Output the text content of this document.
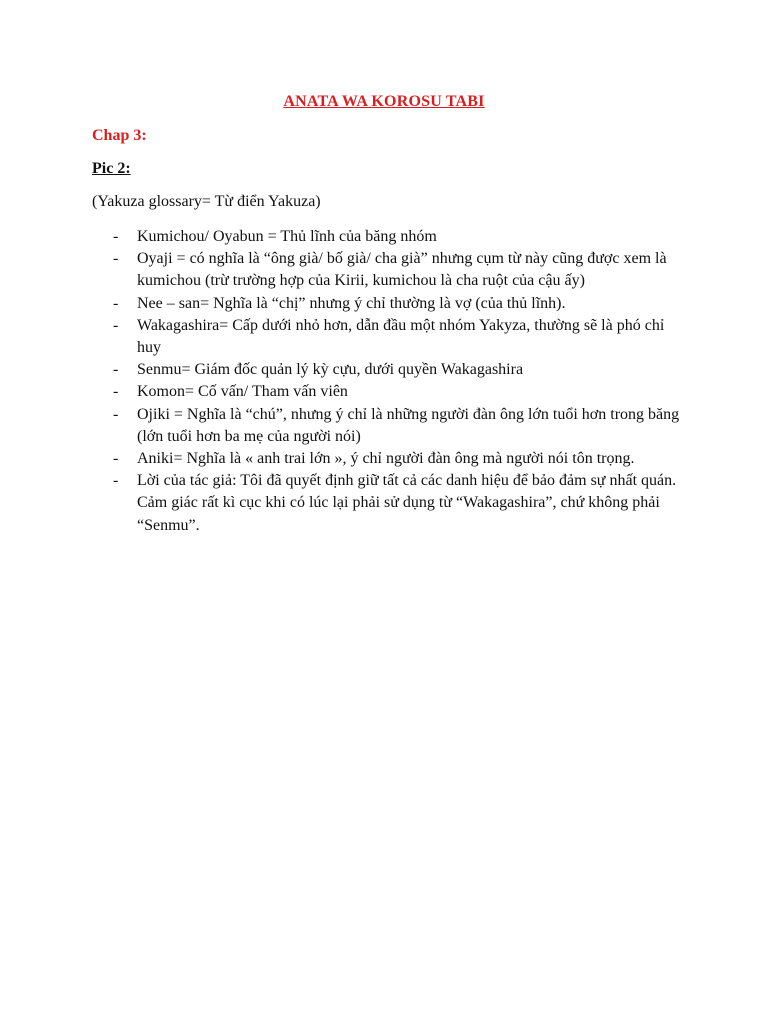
ANATA WA KOROSU TABI
Chap 3:
Pic 2:
(Yakuza glossary= Từ điển Yakuza)
- Kumichou/ Oyabun = Thủ lĩnh của băng nhóm
- Oyaji = có nghĩa là “ông già/ bố già/ cha già” nhưng cụm từ này cũng được xem là kumichou (trừ trường hợp của Kirii, kumichou là cha ruột của cậu ấy)
- Nee – san= Nghĩa là “chị” nhưng ý chỉ thường là vợ (của thủ lĩnh).
- Wakagashira= Cấp dưới nhỏ hơn, dẫn đầu một nhóm Yakyza, thường sẽ là phó chỉ huy
- Senmu= Giám đốc quản lý kỳ cựu, dưới quyền Wakagashira
- Komon= Cố vấn/ Tham vấn viên
- Ojiki = Nghĩa là “chú”, nhưng ý chỉ là những người đàn ông lớn tuổi hơn trong băng (lớn tuổi hơn ba mẹ của người nói)
- Aniki= Nghĩa là « anh trai lớn », ý chỉ người đàn ông mà người nói tôn trọng.
- Lời của tác giả: Tôi đã quyết định giữ tất cả các danh hiệu để bảo đảm sự nhất quán. Cảm giác rất kì cục khi có lúc lại phải sử dụng từ “Wakagashira”, chứ không phải “Senmu”.
